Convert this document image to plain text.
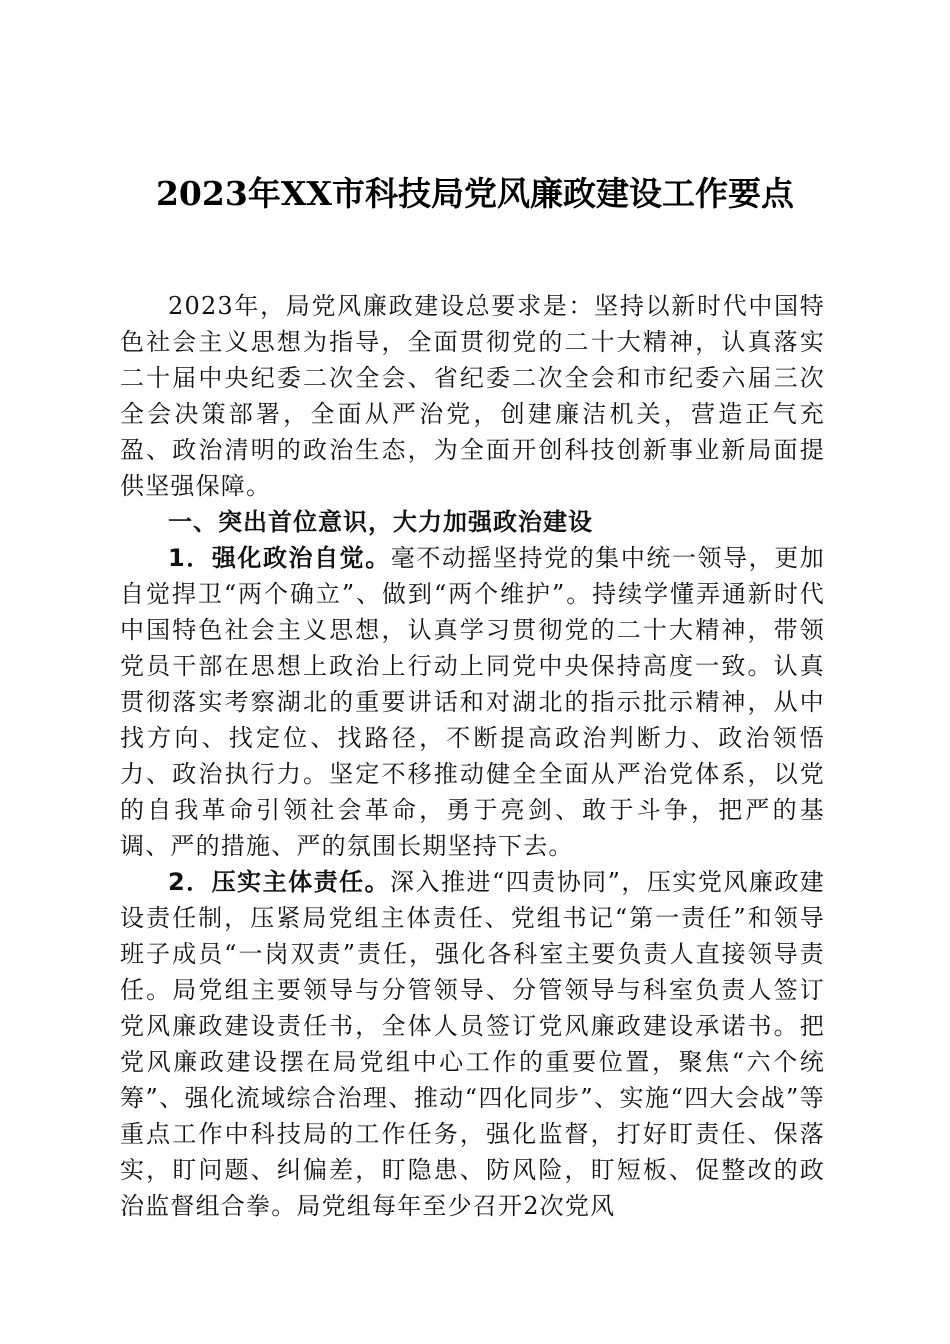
2023年XX市科技局党风廉政建设工作要点

2023年，局党风廉政建设总要求是：坚持以新时代中国特色社会主义思想为指导，全面贯彻党的二十大精神，认真落实二十届中央纪委二次全会、省纪委二次全会和市纪委六届三次全会决策部署，全面从严治党，创建廉洁机关，营造正气充盈、政治清明的政治生态，为全面开创科技创新事业新局面提供坚强保障。

一、突出首位意识，大力加强政治建设

1．强化政治自觉。毫不动摇坚持党的集中统一领导，更加自觉捍卫“两个确立”、做到“两个维护”。持续学懂弄通新时代中国特色社会主义思想，认真学习贯彻党的二十大精神，带领党员干部在思想上政治上行动上同党中央保持高度一致。认真贯彻落实考察湖北的重要讲话和对湖北的指示批示精神，从中找方向、找定位、找路径，不断提高政治判断力、政治领悟力、政治执行力。坚定不移推动健全全面从严治党体系，以党的自我革命引领社会革命，勇于亮剑、敢于斗争，把严的基调、严的措施、严的氛围长期坚持下去。

2．压实主体责任。深入推进“四责协同”，压实党风廉政建设责任制，压紧局党组主体责任、党组书记“第一责任”和领导班子成员“一岗双责”责任，强化各科室主要负责人直接领导责任。局党组主要领导与分管领导、分管领导与科室负责人签订党风廉政建设责任书，全体人员签订党风廉政建设承诺书。把党风廉政建设摆在局党组中心工作的重要位置，聚焦“六个统筹”、强化流域综合治理、推动“四化同步”、实施“四大会战”等重点工作中科技局的工作任务，强化监督，打好盯责任、保落实，盯问题、纠偏差，盯隐患、防风险，盯短板、促整改的政治监督组合拳。局党组每年至少召开2次党风
